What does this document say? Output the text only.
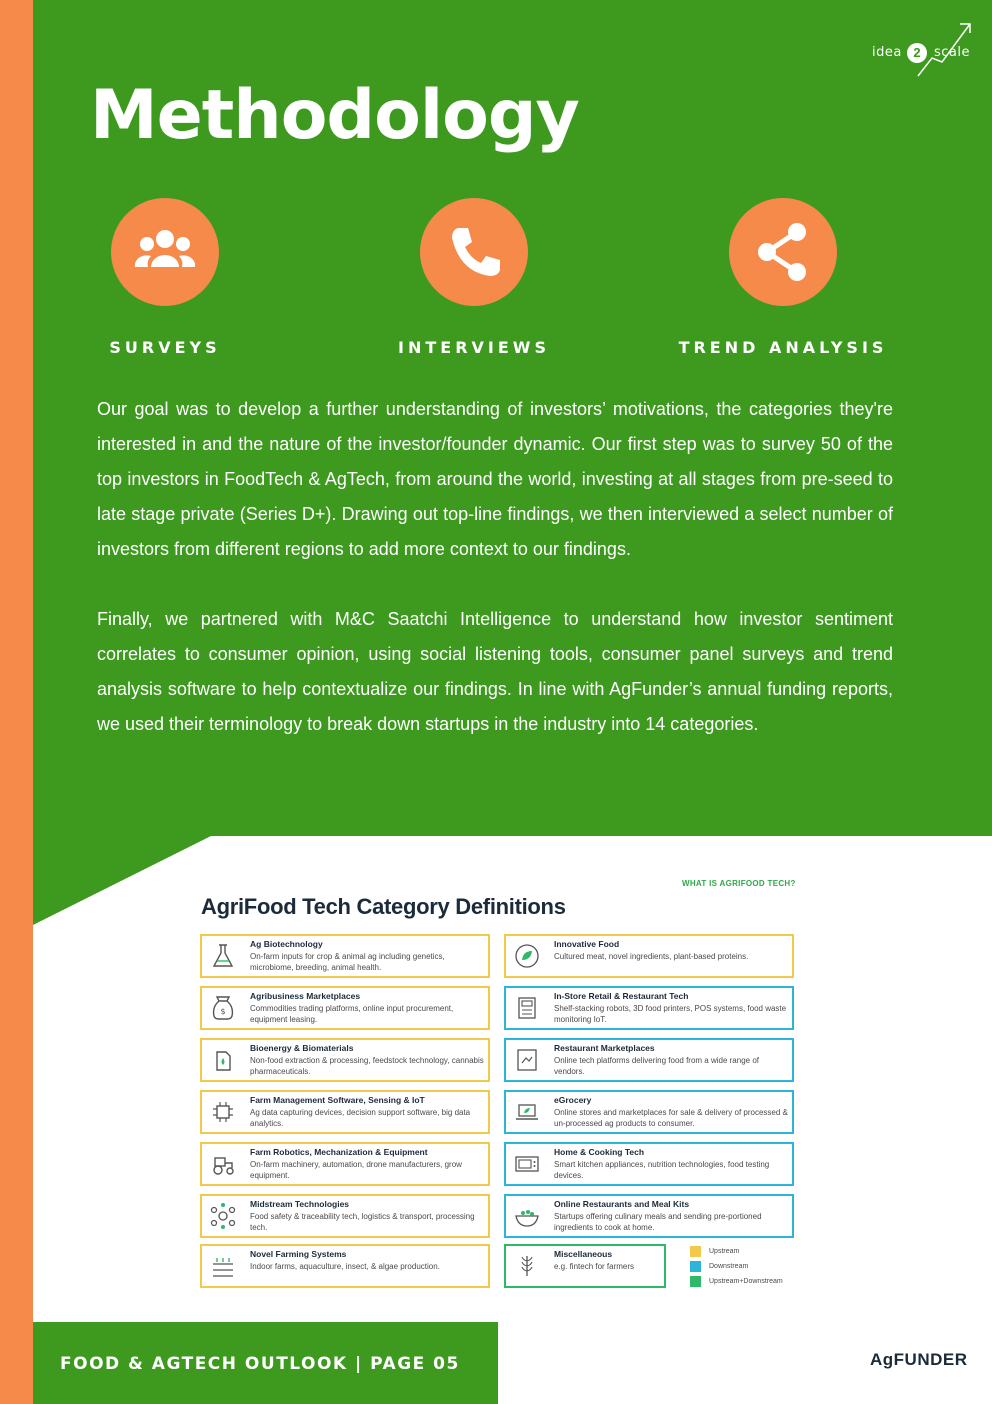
idea 2	scale
Methodology
SURVEYS	INTERVIEWS	TREND ANALYSIS

Our goal was to develop a further understanding of investors’ motivations, the categories they're interested in and the nature of the investor/founder dynamic. Our first step was to survey 50 of the top investors in FoodTech & AgTech, from around the world, investing at all stages from pre-seed to late stage private (Series D+). Drawing out top-line findings, we then interviewed a select number of investors from different regions to add more context to our findings.

Finally, we partnered with M&C Saatchi Intelligence to understand how investor sentiment correlates to consumer opinion, using social listening tools, consumer panel surveys and trend analysis software to help contextualize our findings. In line with AgFunder’s annual funding reports, we used their terminology to break down startups in the industry into 14 categories.

WHAT IS AGRIFOOD TECH?
AgriFood Tech Category Definitions
Ag Biotechnology
On-farm inputs for crop & animal ag including genetics, microbiome, breeding, animal health.
$
Agribusiness Marketplaces
Commodities trading platforms, online input procurement, equipment leasing.
Bioenergy & Biomaterials
Non-food extraction & processing, feedstock technology, cannabis pharmaceuticals.
Farm Management Software, Sensing & IoT
Ag data capturing devices, decision support software, big data analytics.
Farm Robotics, Mechanization & Equipment
On-farm machinery, automation, drone manufacturers, grow equipment.
Midstream Technologies
Food safety & traceability tech, logistics & transport, processing tech.
Novel Farming Systems
Indoor farms, aquaculture, insect, & algae production.
Innovative Food
Cultured meat, novel ingredients, plant-based proteins.
In-Store Retail & Restaurant Tech
Shelf-stacking robots, 3D food printers, POS systems, food waste monitoring IoT.
Restaurant Marketplaces
Online tech platforms delivering food from a wide range of vendors.
eGrocery
Online stores and marketplaces for sale & delivery of processed & un-processed ag products to consumer.
Home & Cooking Tech
Smart kitchen appliances, nutrition technologies, food testing devices.
Online Restaurants and Meal Kits
Startups offering culinary meals and sending pre-portioned ingredients to cook at home.
Miscellaneous
e.g. fintech for farmers
Upstream
Downstream
Upstream+Downstream
FOOD & AGTECH OUTLOOK | PAGE 05	AgFUNDER
